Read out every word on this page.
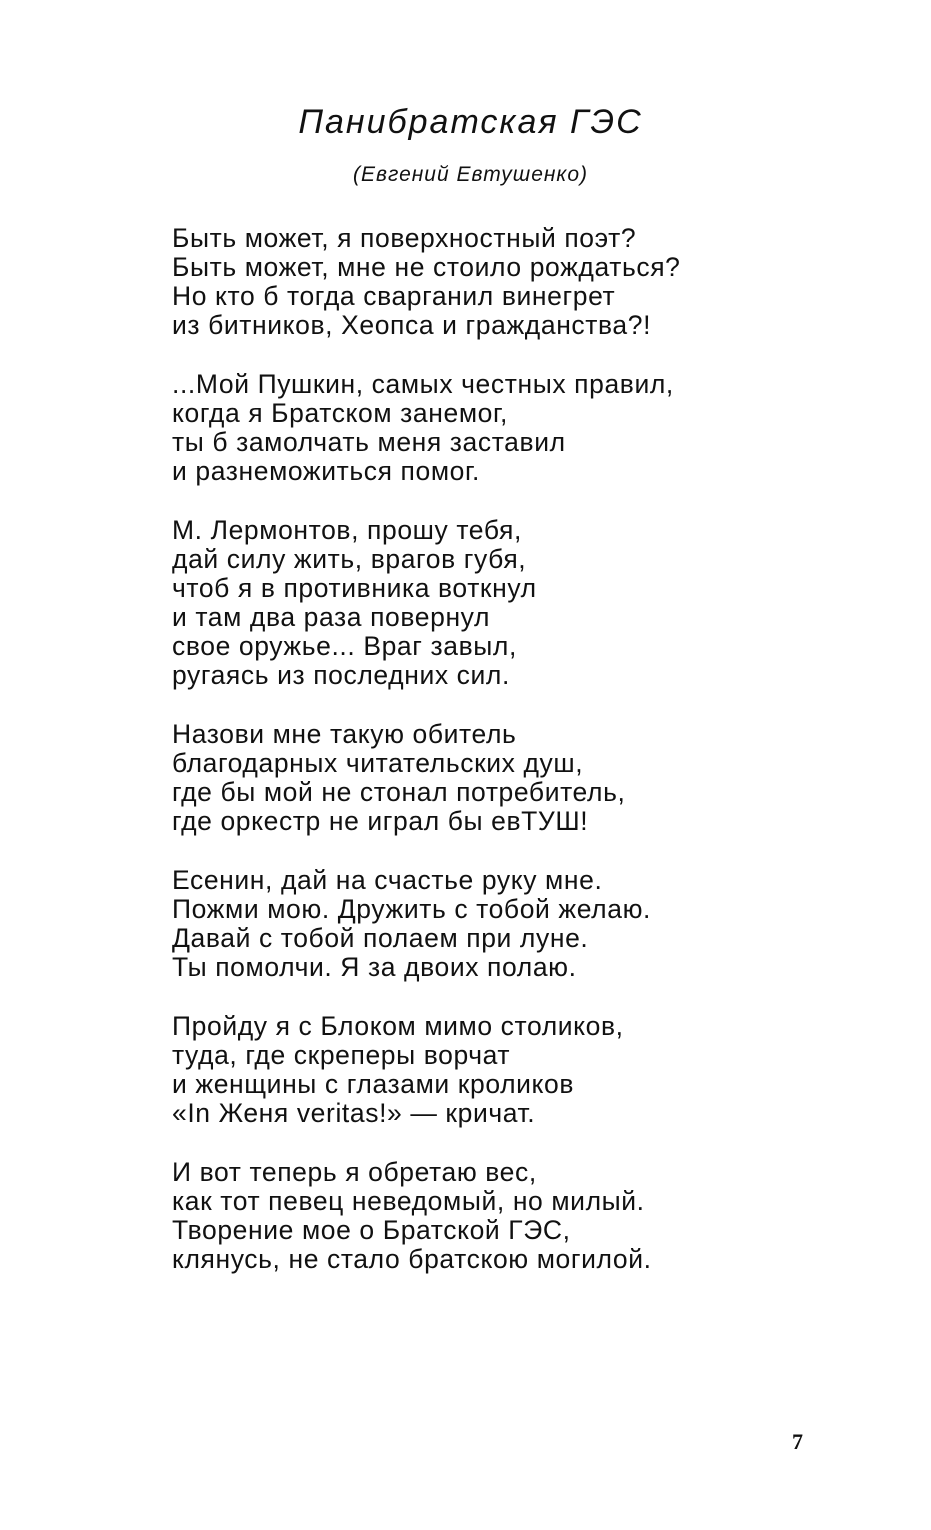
Панибратская ГЭС
(Евгений Евтушенко)
Быть может, я поверхностный поэт?
Быть может, мне не стоило рождаться?
Но кто б тогда сварганил винегрет
из битников, Хеопса и гражданства?!
...Мой Пушкин, самых честных правил,
когда я Братском занемог,
ты б замолчать меня заставил
и разнеможиться помог.
М. Лермонтов, прошу тебя,
дай силу жить, врагов губя,
чтоб я в противника воткнул
и там два раза повернул
свое оружье... Враг завыл,
ругаясь из последних сил.
Назови мне такую обитель
благодарных читательских душ,
где бы мой не стонал потребитель,
где оркестр не играл бы евТУШ!
Есенин, дай на счастье руку мне.
Пожми мою. Дружить с тобой желаю.
Давай с тобой полаем при луне.
Ты помолчи. Я за двоих полаю.
Пройду я с Блоком мимо столиков,
туда, где скреперы ворчат
и женщины с глазами кроликов
«In Женя veritas!» — кричат.
И вот теперь я обретаю вес,
как тот певец неведомый, но милый.
Творение мое о Братской ГЭС,
клянусь, не стало братскою могилой.
7
